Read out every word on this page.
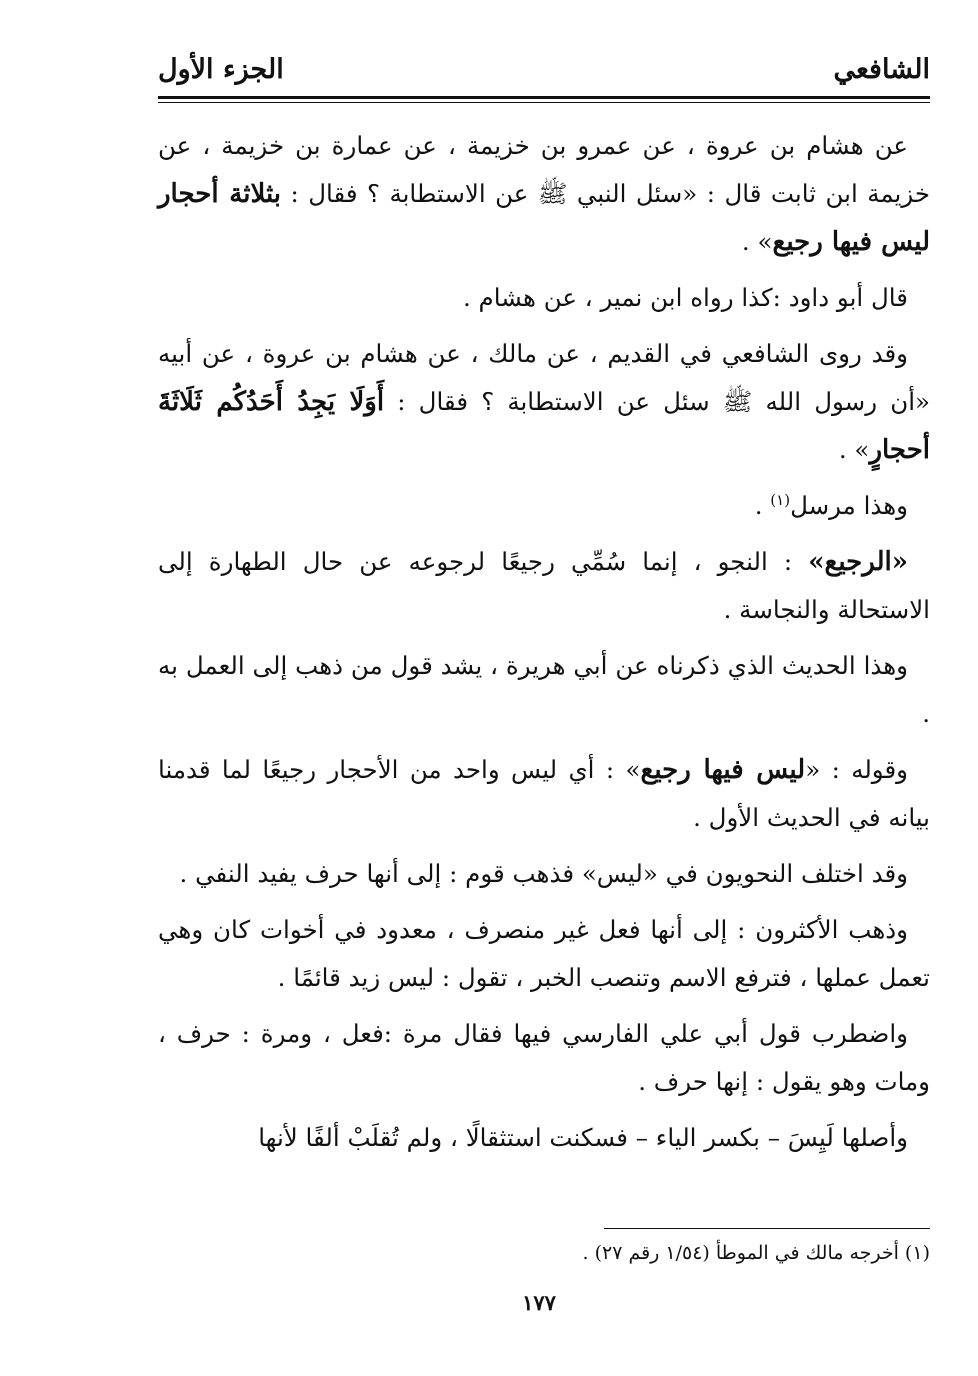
الشافعي
الجزء الأول

عن هشام بن عروة ، عن عمرو بن خزيمة ، عن عمارة بن خزيمة ، عن خزيمة ابن ثابت قال : «سئل النبي ﷺ عن الاستطابة ؟ فقال : بثلاثة أحجار ليس فيها رجيع» .

قال أبو داود :كذا رواه ابن نمير ، عن هشام .

وقد روى الشافعي في القديم ، عن مالك ، عن هشام بن عروة ، عن أبيه «أن رسول الله ﷺ سئل عن الاستطابة ؟ فقال : أَوَلَا يَجِدُ أَحَدُكُم ثَلَاثَةَ أحجارٍ» .

وهذا مرسل$^{(١)}$ .

«الرجيع» : النجو ، إنما سُمِّي رجيعًا لرجوعه عن حال الطهارة إلى الاستحالة والنجاسة .

وهذا الحديث الذي ذكرناه عن أبي هريرة ، يشد قول من ذهب إلى العمل به .

وقوله : «ليس فيها رجيع» : أي ليس واحد من الأحجار رجيعًا لما قدمنا بيانه في الحديث الأول .

وقد اختلف النحويون في «ليس» فذهب قوم : إلى أنها حرف يفيد النفي .

وذهب الأكثرون : إلى أنها فعل غير منصرف ، معدود في أخوات كان وهي تعمل عملها ، فترفع الاسم وتنصب الخبر ، تقول : ليس زيد قائمًا .

واضطرب قول أبي علي الفارسي فيها فقال مرة :فعل ، ومرة : حرف ، ومات وهو يقول : إنها حرف .

وأصلها لَيِسَ – بكسر الياء – فسكنت استثقالًا ، ولم تُقلَبْ ألفًا لأنها

(١) أخرجه مالك في الموطأ (١/٥٤ رقم ٢٧) .
١٧٧
